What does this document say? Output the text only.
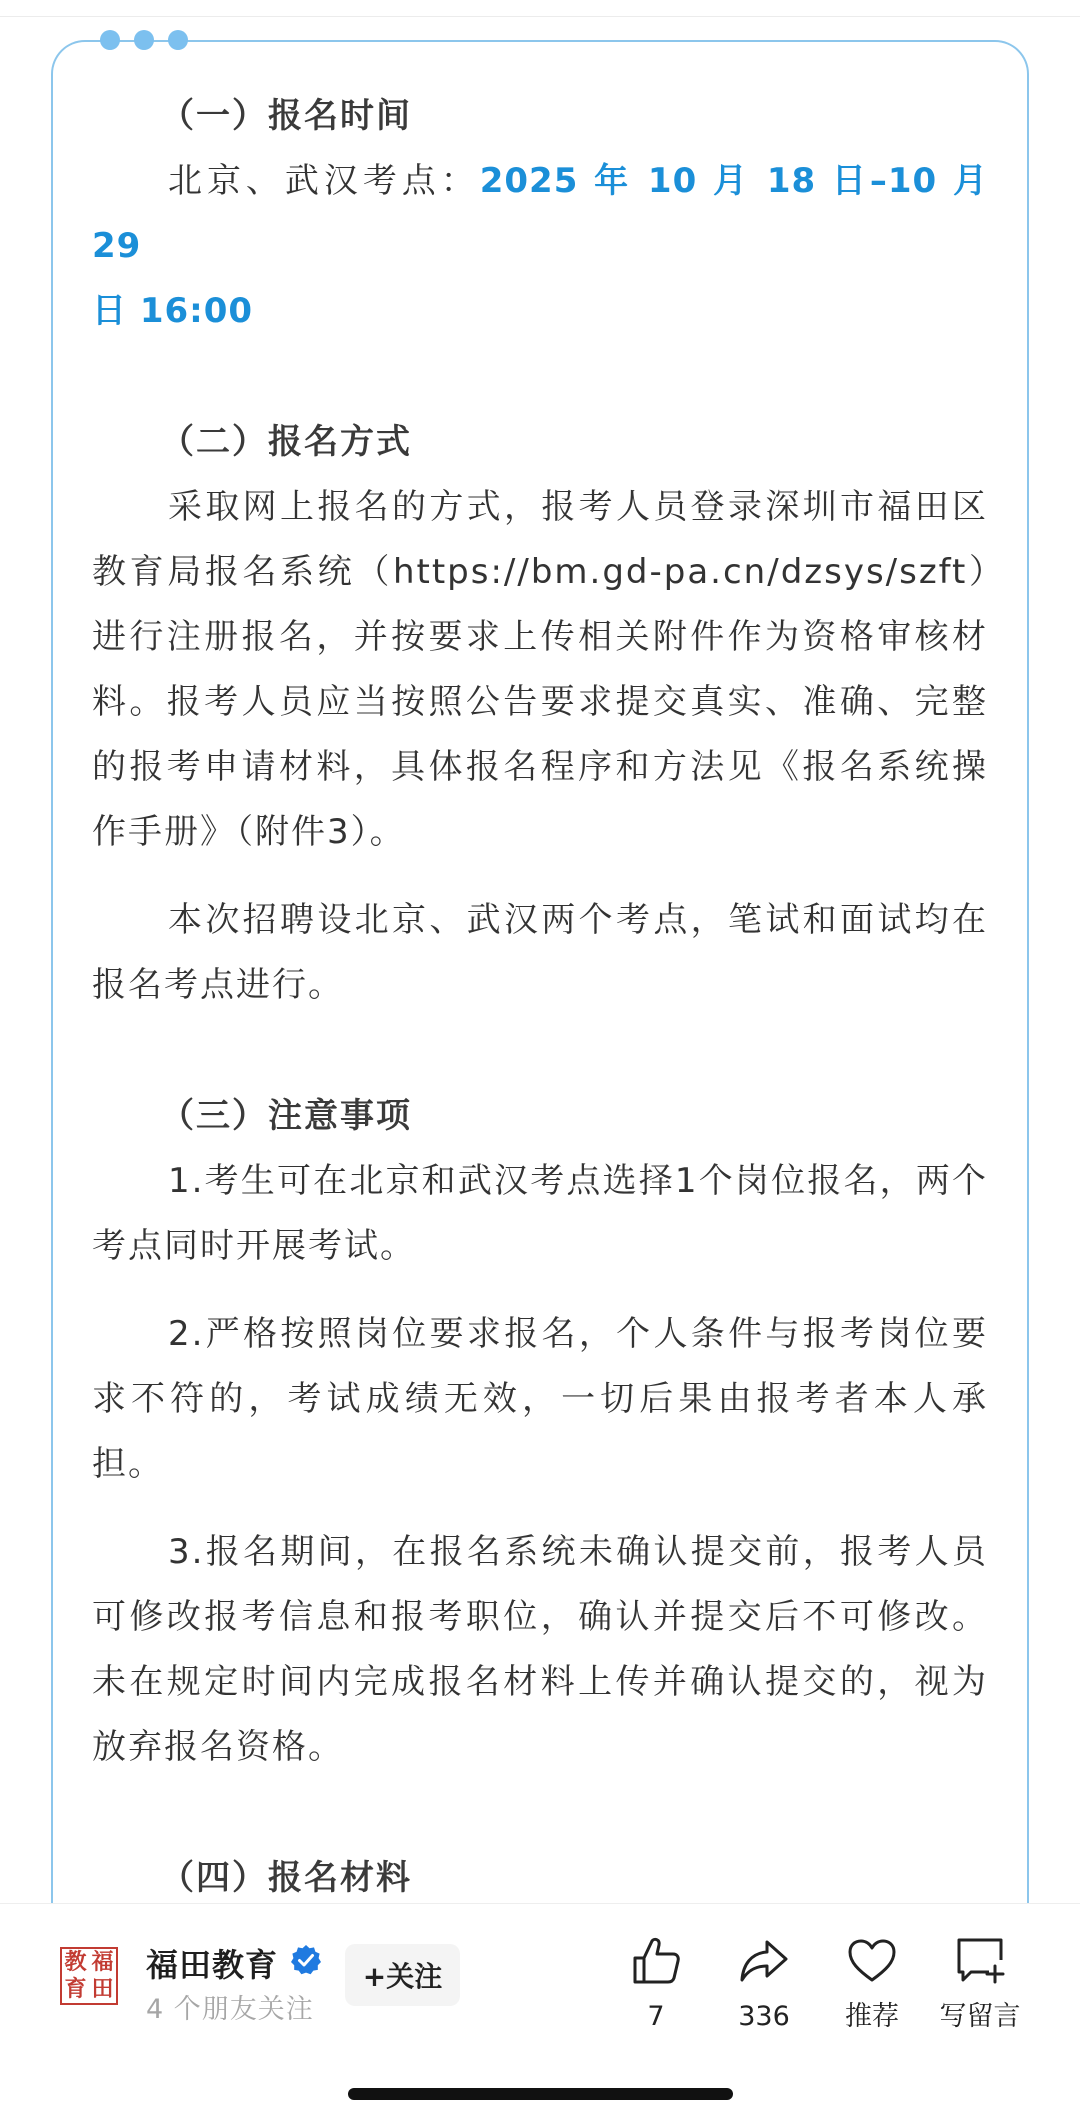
（一）报名时间

北京、武汉考点：2025 年 10 月 18 日–10 月 29
日 16:00

（二）报名方式

采取网上报名的方式，报考人员登录深圳市福田区教育局报名系统（https://bm.gd-pa.cn/dzsys/szft）进行注册报名，并按要求上传相关附件作为资格审核材料。报考人员应当按照公告要求提交真实、准确、完整的报考申请材料，具体报名程序和方法见《报名系统操作手册》（附件3）。

本次招聘设北京、武汉两个考点，笔试和面试均在报名考点进行。

（三）注意事项

1.考生可在北京和武汉考点选择1个岗位报名，两个考点同时开展考试。

2.严格按照岗位要求报名，个人条件与报考岗位要求不符的，考试成绩无效，一切后果由报考者本人承担。

3.报名期间，在报名系统未确认提交前，报考人员可修改报考信息和报考职位，确认并提交后不可修改。未在规定时间内完成报名材料上传并确认提交的，视为放弃报名资格。

（四）报名材料

教 福
育 田
福田教育
4 个朋友关注
+关注
7	336	推荐	写留言
